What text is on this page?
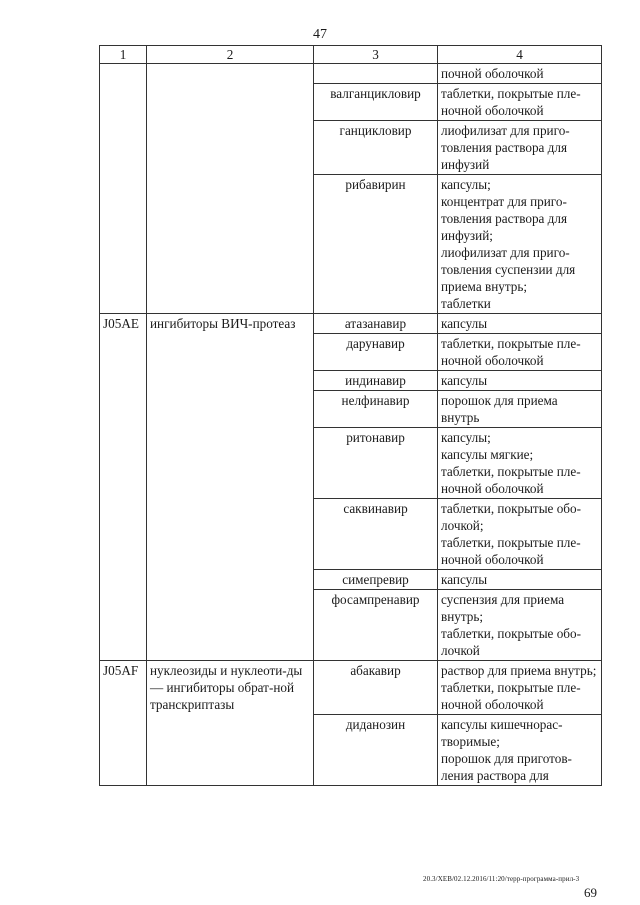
47
1	2	3	4

			почной оболочкой

		валганцикловир	таблетки, покрытые пле-ночной оболочкой

		ганцикловир	лиофилизат для приго-товления раствора для инфузий

		рибавирин	капсулы;
концентрат для приго-товления раствора для инфузий;
лиофилизат для приго-товления суспензии для приема внутрь;
таблетки

J05AE	ингибиторы ВИЧ-протеаз	атазанавир	капсулы

		дарунавир	таблетки, покрытые пле-ночной оболочкой

		индинавир	капсулы

		нелфинавир	порошок для приема внутрь

		ритонавир	капсулы;
капсулы мягкие;
таблетки, покрытые пле-ночной оболочкой

		саквинавир	таблетки, покрытые обо-лочкой;
таблетки, покрытые пле-ночной оболочкой

		симепревир	капсулы

		фосампренавир	суспензия для приема внутрь;
таблетки, покрытые обо-лочкой

J05AF	нуклеозиды и нуклеоти-ды — ингибиторы обрат-ной транскриптазы	абакавир	раствор для приема внутрь;
таблетки, покрытые пле-ночной оболочкой

		диданозин	капсулы кишечнорас-творимые;
порошок для приготов-ления раствора для
20.3/ХЕВ/02.12.2016/11:20/терр-программа-прил-3
69
